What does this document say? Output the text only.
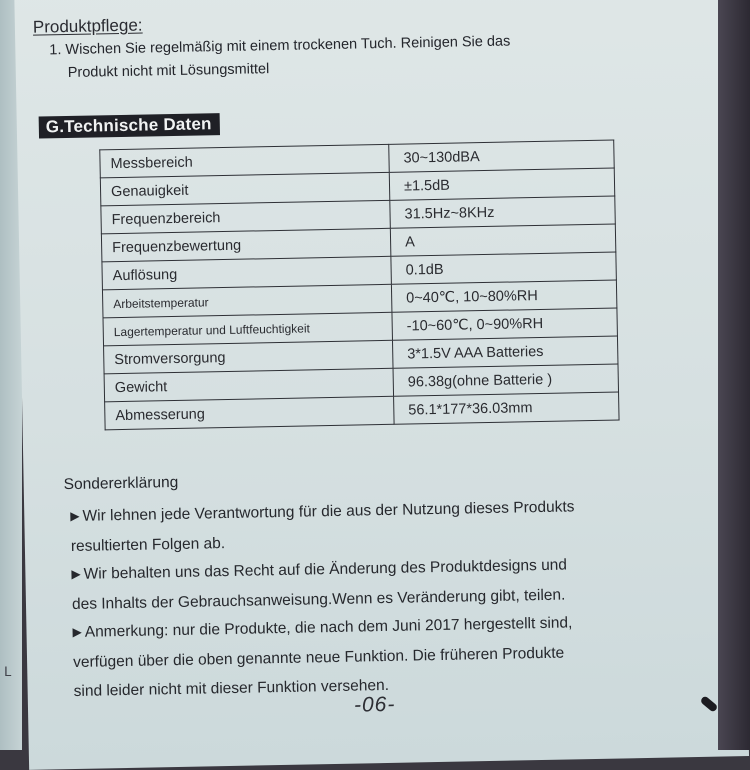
Produktpflege:
1. Wischen Sie regelmäßig mit einem trockenen Tuch. Reinigen Sie das
Produkt nicht mit Lösungsmittel
G.Technische Daten
Messbereich	30~130dBA
Genauigkeit	±1.5dB
Frequenzbereich	31.5Hz~8KHz
Frequenzbewertung	A
Auflösung	0.1dB
Arbeitstemperatur	0~40℃, 10~80%RH
Lagertemperatur und Luftfeuchtigkeit	-10~60℃, 0~90%RH
Stromversorgung	3*1.5V AAA Batteries
Gewicht	96.38g(ohne Batterie )
Abmesserung	56.1*177*36.03mm
Sondererklärung
▶ Wir lehnen jede Verantwortung für die aus der Nutzung dieses Produkts
resultierten Folgen ab.
▶ Wir behalten uns das Recht auf die Änderung des Produktdesigns und
des Inhalts der Gebrauchsanweisung.Wenn es Veränderung gibt, teilen.
▶ Anmerkung: nur die Produkte, die nach dem Juni 2017 hergestellt sind,
verfügen über die oben genannte neue Funktion. Die früheren Produkte
sind leider nicht mit dieser Funktion versehen.
-06-
ᒪ
